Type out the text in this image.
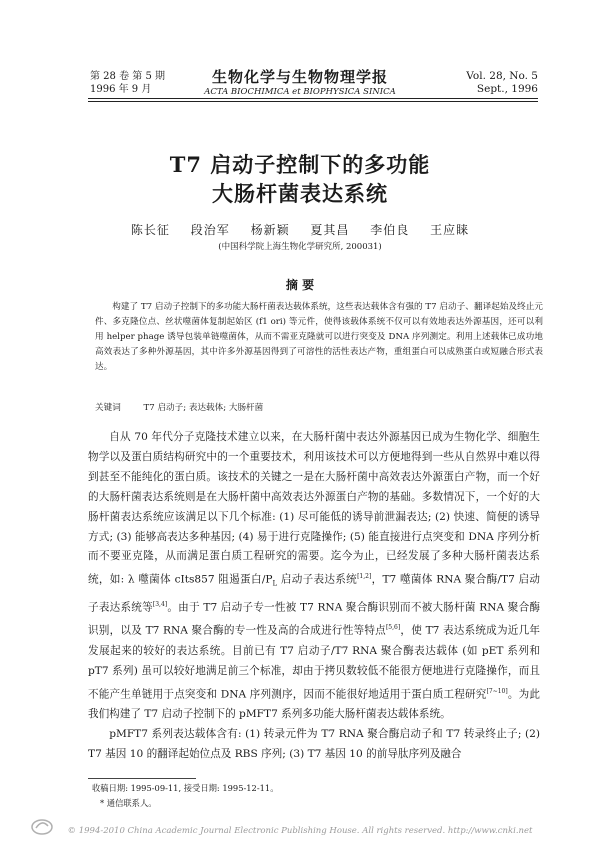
第 28 卷 第 5 期
1996 年 9 月
生物化学与生物物理学报
ACTA BIOCHIMICA et BIOPHYSICA SINICA
Vol. 28, No. 5
Sept., 1996
T7 启动子控制下的多功能
大肠杆菌表达系统
陈长征 段治军 杨新颖 夏其昌 李伯良 王应睐
(中国科学院上海生物化学研究所, 200031)
摘 要
构建了 T7 启动子控制下的多功能大肠杆菌表达载体系统，这些表达载体含有强的 T7 启动子、翻译起始及终止元件、多克隆位点、丝状噬菌体复制起始区 (f1 ori) 等元件，使得该载体系统不仅可以有效地表达外源基因，还可以利用 helper phage 诱导包装单链噬菌体，从而不需亚克隆就可以进行突变及 DNA 序列测定。利用上述载体已成功地高效表达了多种外源基因，其中许多外源基因得到了可溶性的活性表达产物，重组蛋白可以成熟蛋白或短融合形式表达。
关键词	T7 启动子; 表达载体; 大肠杆菌

自从 70 年代分子克隆技术建立以来，在大肠杆菌中表达外源基因已成为生物化学、细胞生物学以及蛋白质结构研究中的一个重要技术，利用该技术可以方便地得到一些从自然界中难以得到甚至不能纯化的蛋白质。该技术的关键之一是在大肠杆菌中高效表达外源蛋白产物，而一个好的大肠杆菌表达系统则是在大肠杆菌中高效表达外源蛋白产物的基础。多数情况下，一个好的大肠杆菌表达系统应该满足以下几个标准: (1) 尽可能低的诱导前泄漏表达; (2) 快速、简便的诱导方式; (3) 能够高表达多种基因; (4) 易于进行克隆操作; (5) 能直接进行点突变和 DNA 序列分析而不要亚克隆，从而满足蛋白质工程研究的需要。迄今为止，已经发展了多种大肠杆菌表达系统，如: λ 噬菌体 cIts857 阻遏蛋白$/P_L$ 启动子表达系统[1,2]，T7 噬菌体 RNA 聚合酶/T7 启动子表达系统等[3,4]。由于 T7 启动子专一性被 T7 RNA 聚合酶识别而不被大肠杆菌 RNA 聚合酶识别，以及 T7 RNA 聚合酶的专一性及高的合成进行性等特点[5,6]，使 T7 表达系统成为近几年发展起来的较好的表达系统。目前已有 T7 启动子/T7 RNA 聚合酶表达载体 (如 pET 系列和 pT7 系列) 虽可以较好地满足前三个标准，却由于拷贝数较低不能很方便地进行克隆操作，而且不能产生单链用于点突变和 DNA 序列测序，因而不能很好地适用于蛋白质工程研究[7~10]。为此我们构建了 T7 启动子控制下的 pMFT7 系列多功能大肠杆菌表达载体系统。

pMFT7 系列表达载体含有: (1) 转录元件为 T7 RNA 聚合酶启动子和 T7 转录终止子; (2) T7 基因 10 的翻译起始位点及 RBS 序列; (3) T7 基因 10 的前导肽序列及融合

收稿日期: 1995-09-11, 接受日期: 1995-12-11。
* 通信联系人。
© 1994-2010 China Academic Journal Electronic Publishing House. All rights reserved. http://www.cnki.net
